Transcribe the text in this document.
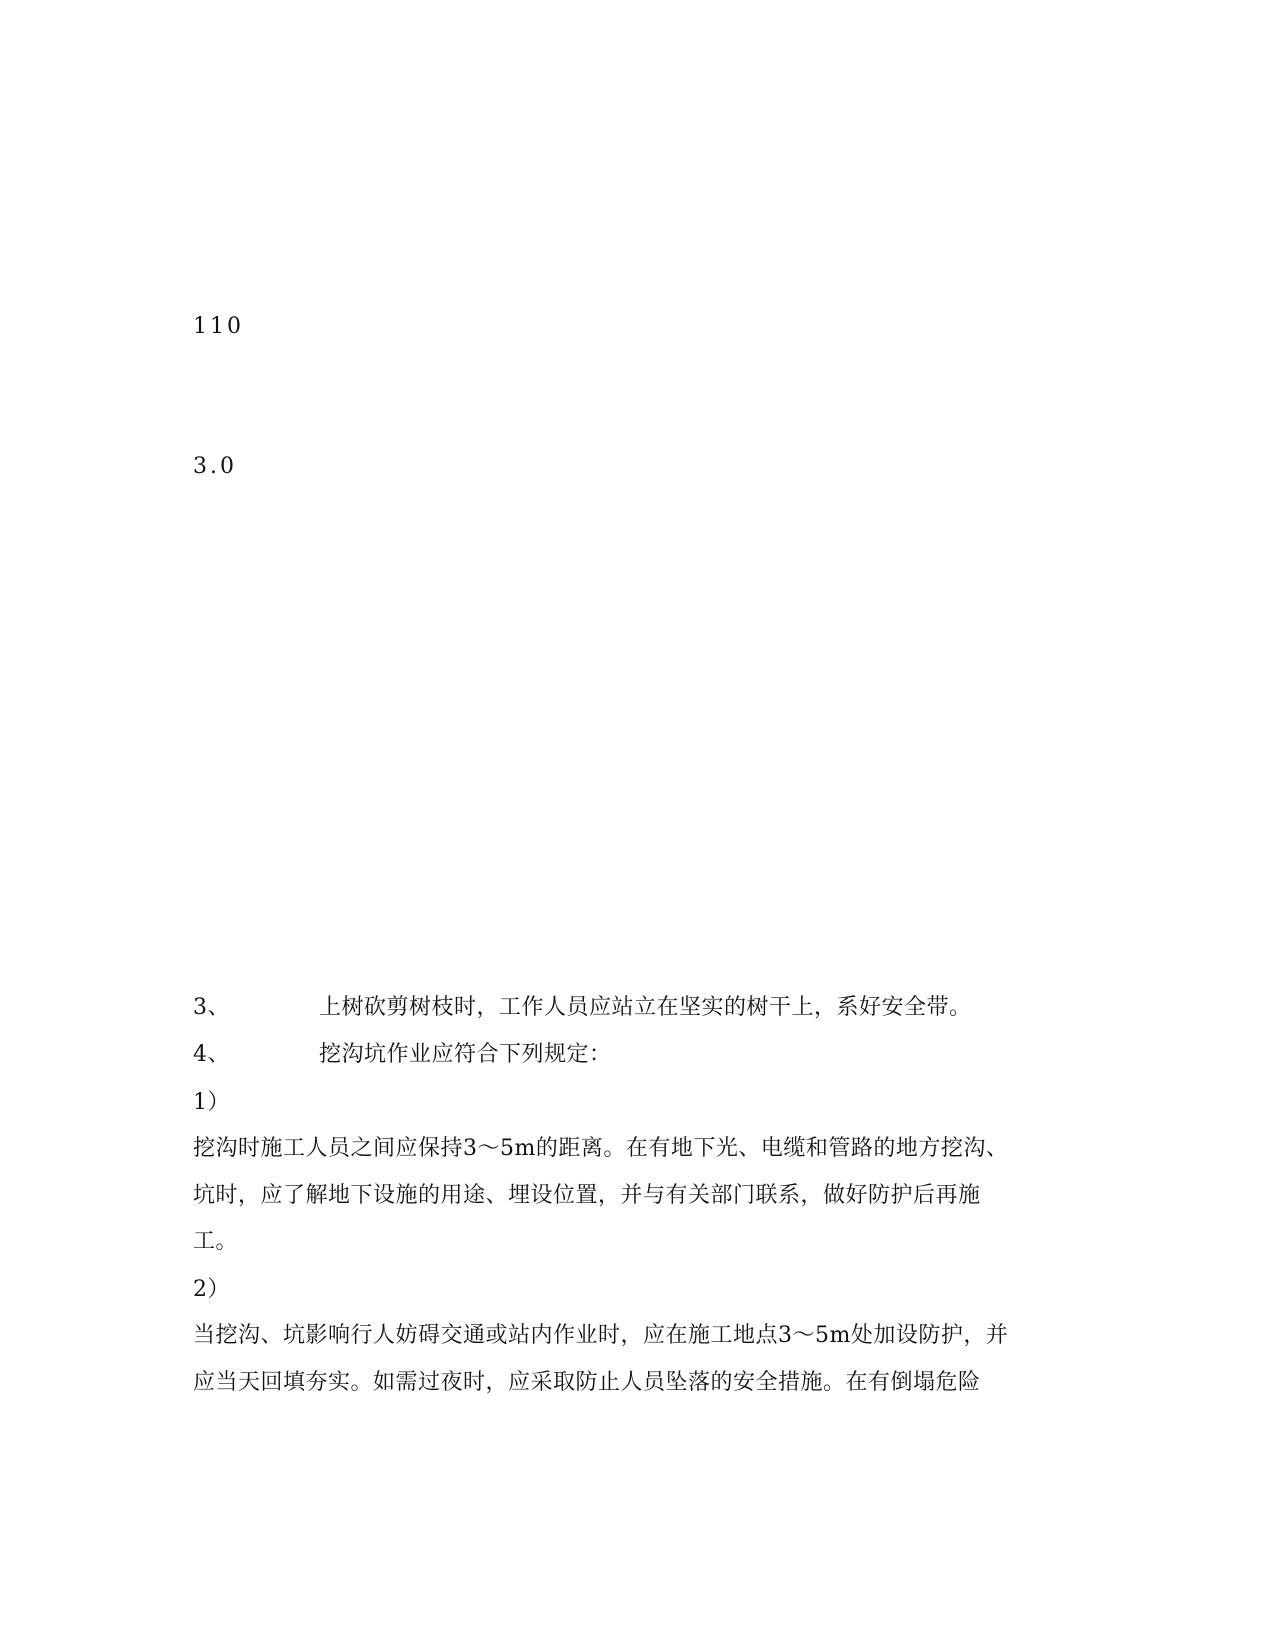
110
3.0
3、	上树砍剪树枝时，工作人员应站立在坚实的树干上，系好安全带。
4、	挖沟坑作业应符合下列规定：
1）
挖沟时施工人员之间应保持3～5m的距离。在有地下光、电缆和管路的地方挖沟、
坑时，应了解地下设施的用途、埋设位置，并与有关部门联系，做好防护后再施
工。
2）
当挖沟、坑影响行人妨碍交通或站内作业时，应在施工地点3～5m处加设防护，并
应当天回填夯实。如需过夜时，应采取防止人员坠落的安全措施。在有倒塌危险
